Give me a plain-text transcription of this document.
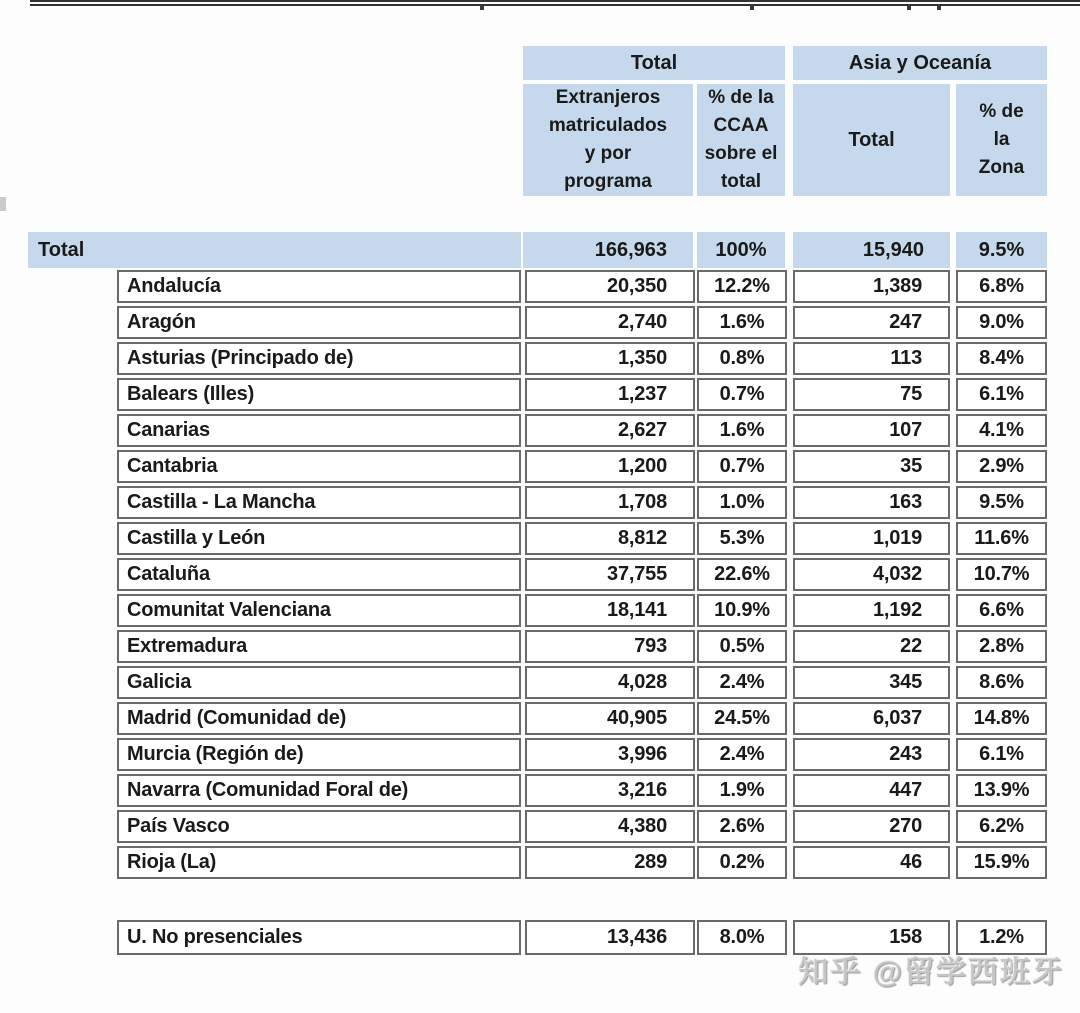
Total	Asia y Oceanía
Extranjeros matriculados y por programa
% de la CCAA sobre el total
Total
% de la Zona
Total	166,963	100%	15,940	9.5%
Andalucía	20,350	12.2%	1,389	6.8%
Aragón	2,740	1.6%	247	9.0%
Asturias (Principado de)	1,350	0.8%	113	8.4%
Balears (Illes)	1,237	0.7%	75	6.1%
Canarias	2,627	1.6%	107	4.1%
Cantabria	1,200	0.7%	35	2.9%
Castilla - La Mancha	1,708	1.0%	163	9.5%
Castilla y León	8,812	5.3%	1,019	11.6%
Cataluña	37,755	22.6%	4,032	10.7%
Comunitat Valenciana	18,141	10.9%	1,192	6.6%
Extremadura	793	0.5%	22	2.8%
Galicia	4,028	2.4%	345	8.6%
Madrid (Comunidad de)	40,905	24.5%	6,037	14.8%
Murcia (Región de)	3,996	2.4%	243	6.1%
Navarra (Comunidad Foral de)	3,216	1.9%	447	13.9%
País Vasco	4,380	2.6%	270	6.2%
Rioja (La)	289	0.2%	46	15.9%
U. No presenciales	13,436	8.0%	158	1.2%
知乎 @留学西班牙
